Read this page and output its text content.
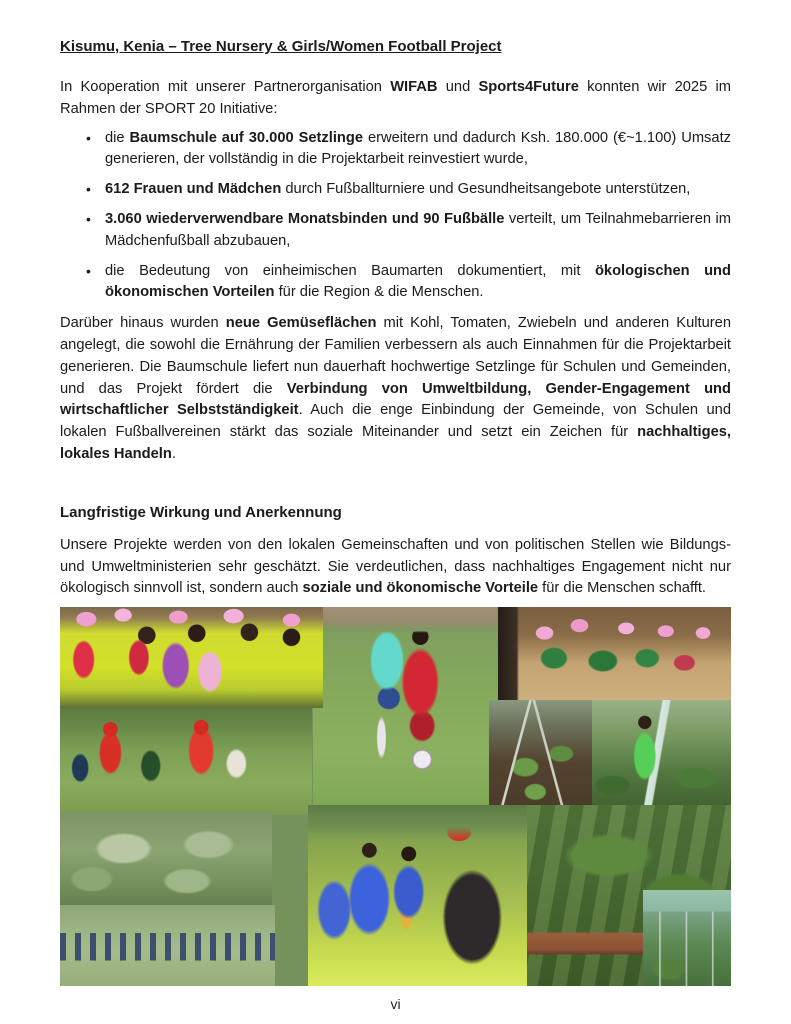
Kisumu, Kenia – Tree Nursery & Girls/Women Football Project

In Kooperation mit unserer Partnerorganisation WIFAB und Sports4Future konnten wir 2025 im Rahmen der SPORT 20 Initiative:

• die Baumschule auf 30.000 Setzlinge erweitern und dadurch Ksh. 180.000 (€~1.100) Umsatz generieren, der vollständig in die Projektarbeit reinvestiert wurde,
• 612 Frauen und Mädchen durch Fußballturniere und Gesundheitsangebote unterstützen,
• 3.060 wiederverwendbare Monatsbinden und 90 Fußbälle verteilt, um Teilnahmebarrieren im Mädchenfußball abzubauen,
• die Bedeutung von einheimischen Baumarten dokumentiert, mit ökologischen und ökonomischen Vorteilen für die Region & die Menschen.

Darüber hinaus wurden neue Gemüseflächen mit Kohl, Tomaten, Zwiebeln und anderen Kulturen angelegt, die sowohl die Ernährung der Familien verbessern als auch Einnahmen für die Projektarbeit generieren. Die Baumschule liefert nun dauerhaft hochwertige Setzlinge für Schulen und Gemeinden, und das Projekt fördert die Verbindung von Umweltbildung, Gender-Engagement und wirtschaftlicher Selbstständigkeit. Auch die enge Einbindung der Gemeinde, von Schulen und lokalen Fußballvereinen stärkt das soziale Miteinander und setzt ein Zeichen für nachhaltiges, lokales Handeln.

Langfristige Wirkung und Anerkennung

Unsere Projekte werden von den lokalen Gemeinschaften und von politischen Stellen wie Bildungs- und Umweltministerien sehr geschätzt. Sie verdeutlichen, dass nachhaltiges Engagement nicht nur ökologisch sinnvoll ist, sondern auch soziale und ökonomische Vorteile für die Menschen schafft.

vi
